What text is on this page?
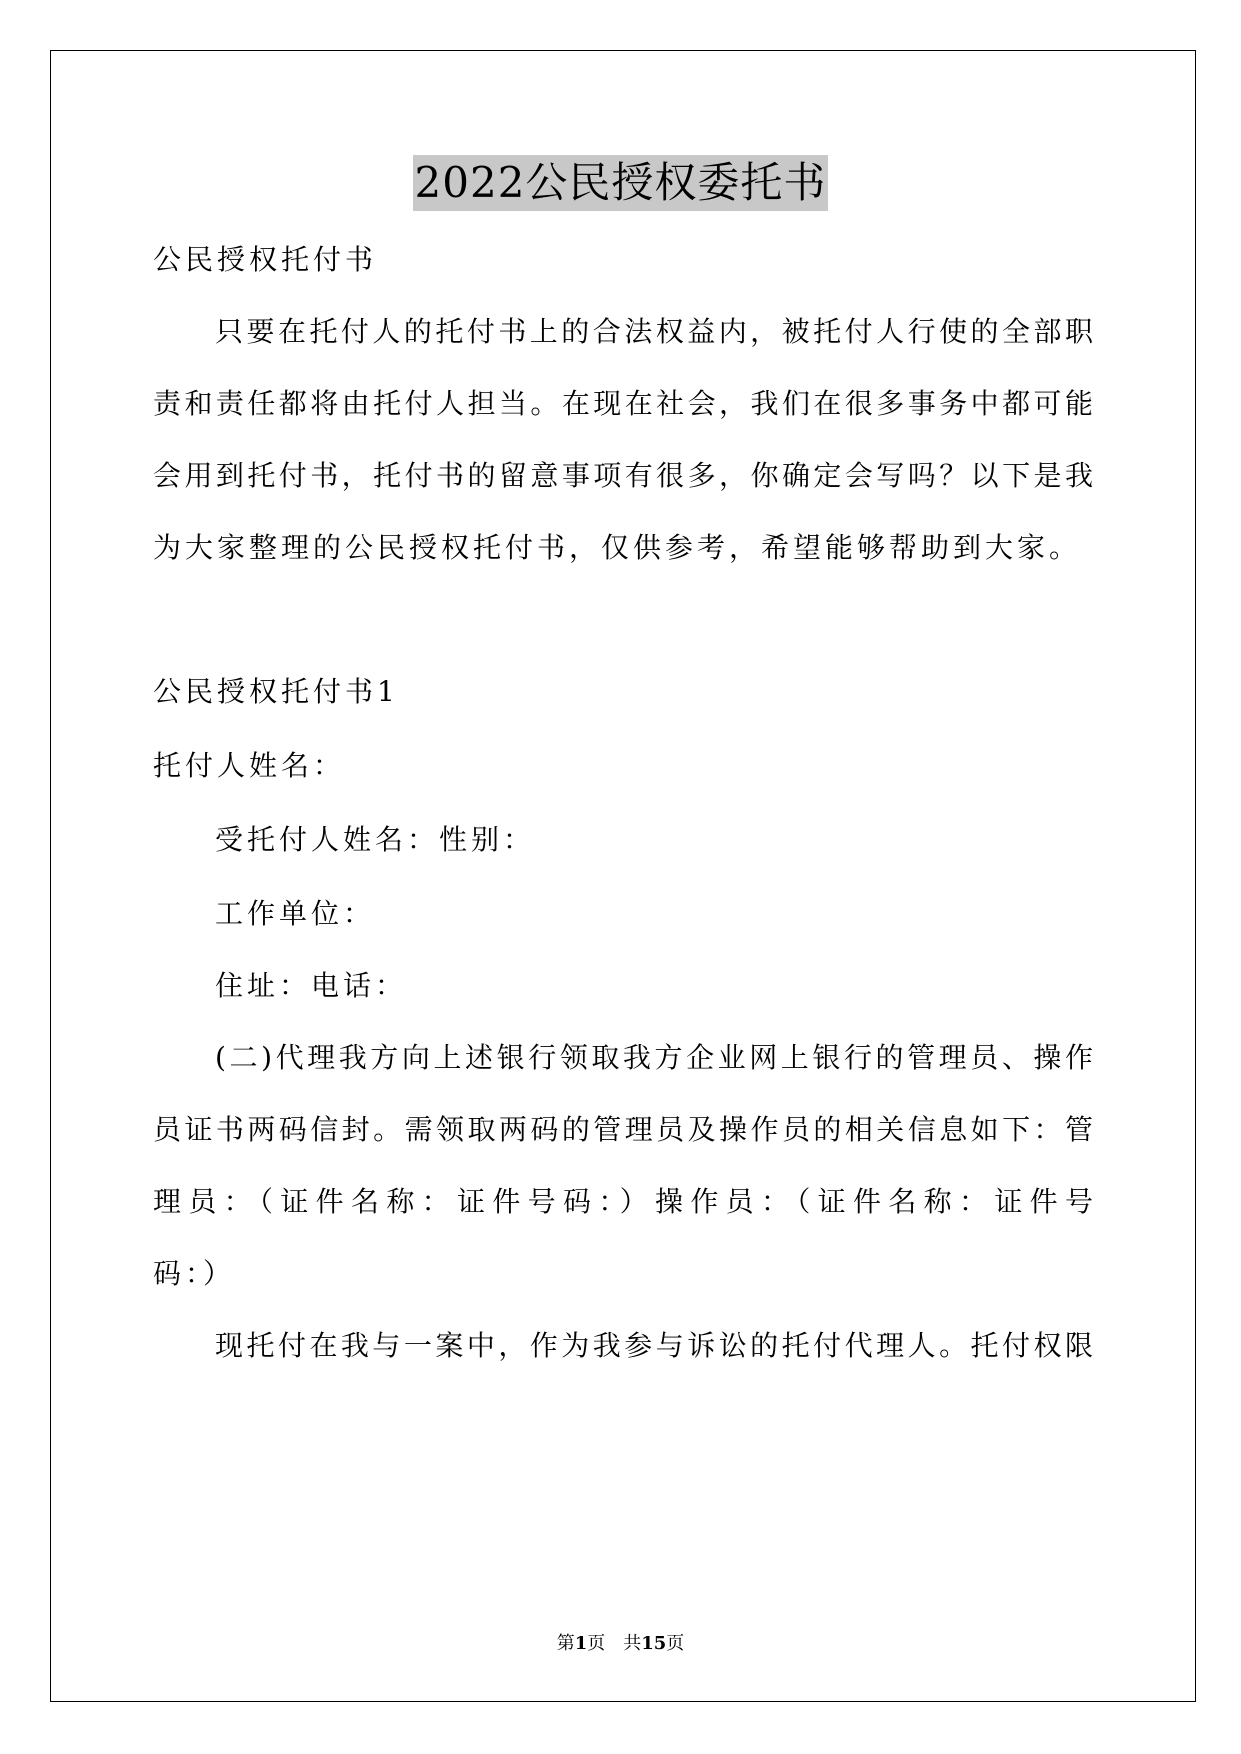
2022公民授权委托书
公民授权托付书
只要在托付人的托付书上的合法权益内，被托付人行使的全部职
责和责任都将由托付人担当。在现在社会，我们在很多事务中都可能
会用到托付书，托付书的留意事项有很多，你确定会写吗？以下是我
为大家整理的公民授权托付书，仅供参考，希望能够帮助到大家。
公民授权托付书1
托付人姓名：
受托付人姓名：性别：
工作单位：
住址：电话：
(二)代理我方向上述银行领取我方企业网上银行的管理员、操作
员证书两码信封。需领取两码的管理员及操作员的相关信息如下：管
理员：（证件名称：证件号码：）操作员：（证件名称：证件号
码：）
现托付在我与一案中，作为我参与诉讼的托付代理人。托付权限
第1页　共15页
